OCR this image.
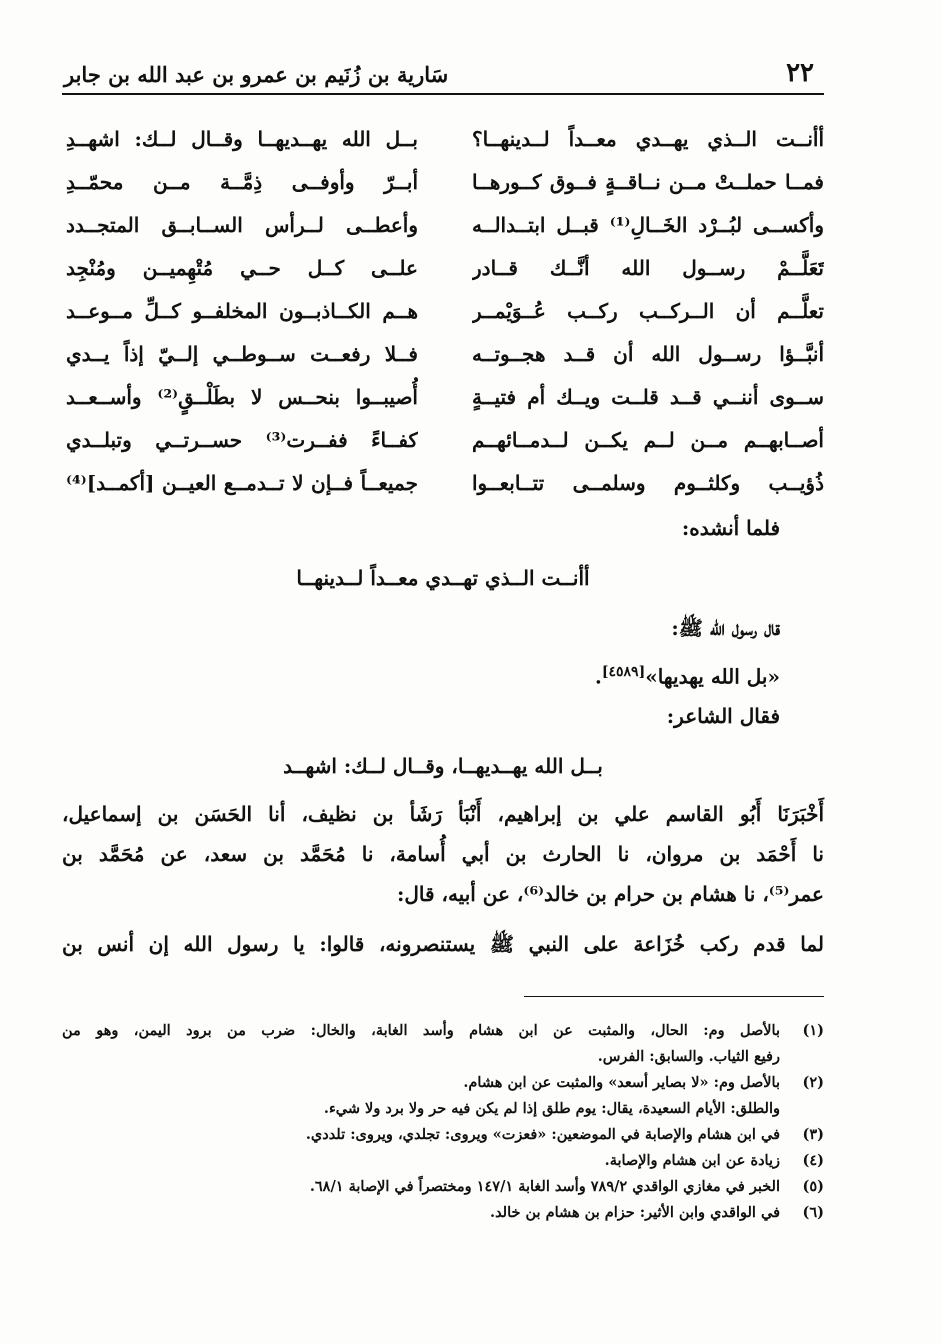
٢٢
سَارية بن زُنَيم بن عمرو بن عبد الله بن جابر
أأنــت الــذي يهــدي معــداً لــدينهــا؟
فمــا حملــتْ مــن نــاقــةٍ فــوق كــورهــا
وأكســى لبُــرْد الخَــالِ⁽¹⁾ قبــل ابتــدالــه
تَعَلَّــمْ رســول الله أنَّــك قــادر
تعلَّــم أن الــركــب ركــب عُــوَيْمــر
أنبَّــؤا رســول الله أن قــد هجــوتــه
ســوى أننــي قــد قلــت ويــك أم فتيــةٍ
أصــابهــم مــن لــم يكــن لــدمــائهــم
ذُؤيــب وكلثــوم وسلمــى تتــابعــوا
بــل الله يهــديهــا وقــال لــك: اشهــدِ
أبــرّ وأوفــى ذِمَّــة مــن محمّــدِ
وأعطــى لــرأس الســابــق المتجــدد
علــى كــل حــي مُتْهِميــن ومُنْجِد
هــم الكــاذبــون المخلفــو كــلِّ مــوعــد
فــلا رفعــت ســوطــي إلــيّ إذاً يــدي
أُصيبــوا بنحــس لا بطَلْــقٍ⁽²⁾ وأســعــد
كفــاءً ففــرت⁽³⁾ حســرتــي وتبلــدي
جميعــاً فــإن لا تــدمــع العيــن [أكمــد]⁽⁴⁾
فلما أنشده:
أأنــت الــذي تهــدي معــداً لــدينهــا
قال رسول الله ﷺ:
«بل الله يهديها»[٤٥٨٩].
فقال الشاعر:
بــل الله يهــديهــا، وقــال لــك: اشهــد
أَخْبَرَنَا أَبُو القاسم علي بن إبراهيم، أَنْبَأ رَشَأ بن نظيف، أنا الحَسَن بن إسماعيل،
نا أَحْمَد بن مروان، نا الحارث بن أبي أُسامة، نا مُحَمَّد بن سعد، عن مُحَمَّد بن
عمر⁽⁵⁾، نا هشام بن حرام بن خالد⁽⁶⁾، عن أبيه، قال:
لما قدم ركب خُزَاعة على النبي ﷺ يستنصرونه، قالوا: يا رسول الله إن أنس بن
(١)بالأصل وم: الحال، والمثبت عن ابن هشام وأسد الغابة، والخال: ضرب من برود اليمن، وهو من
رفيع الثياب. والسابق: الفرس.
(٢)بالأصل وم: «لا بصاير أسعد» والمثبت عن ابن هشام.
والطلق: الأيام السعيدة، يقال: يوم طلق إذا لم يكن فيه حر ولا برد ولا شيء.
(٣)في ابن هشام والإصابة في الموضعين: «فعزت» ويروى: تجلدي، ويروى: تلددي.
(٤)زيادة عن ابن هشام والإصابة.
(٥)الخبر في مغازي الواقدي ٧٨٩/٢ وأسد الغابة ١٤٧/١ ومختصراً في الإصابة ٦٨/١.
(٦)في الواقدي وابن الأثير: حزام بن هشام بن خالد.
